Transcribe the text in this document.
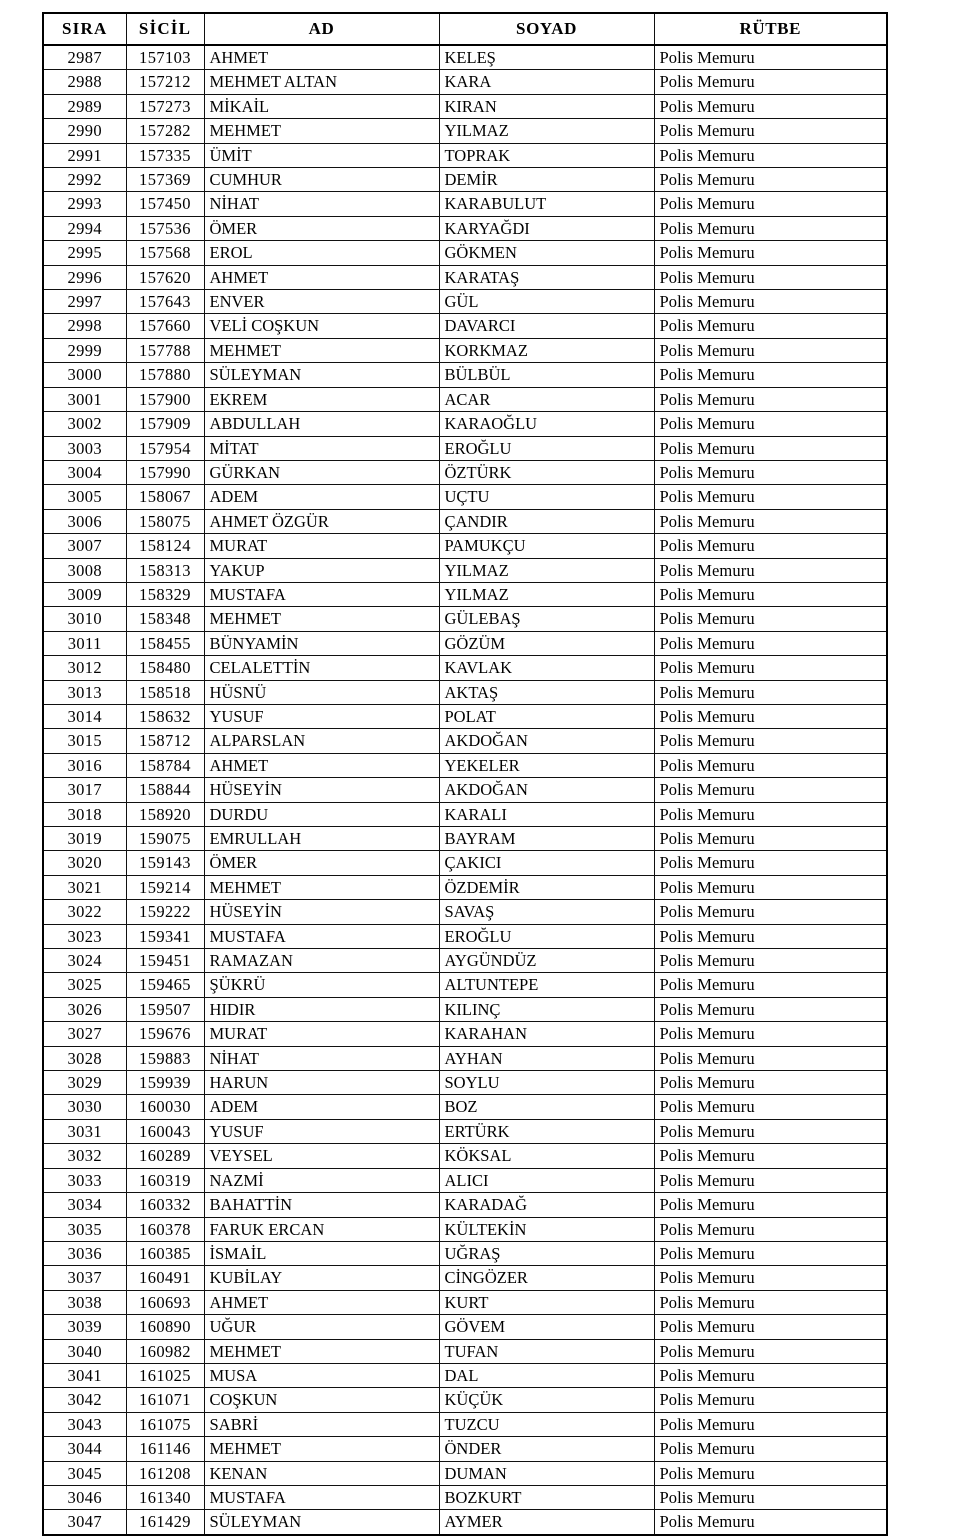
SIRA	SİCİL	AD	SOYAD	RÜTBE
2987	157103	AHMET	KELEŞ	Polis Memuru
2988	157212	MEHMET ALTAN	KARA	Polis Memuru
2989	157273	MİKAİL	KIRAN	Polis Memuru
2990	157282	MEHMET	YILMAZ	Polis Memuru
2991	157335	ÜMİT	TOPRAK	Polis Memuru
2992	157369	CUMHUR	DEMİR	Polis Memuru
2993	157450	NİHAT	KARABULUT	Polis Memuru
2994	157536	ÖMER	KARYAĞDI	Polis Memuru
2995	157568	EROL	GÖKMEN	Polis Memuru
2996	157620	AHMET	KARATAŞ	Polis Memuru
2997	157643	ENVER	GÜL	Polis Memuru
2998	157660	VELİ COŞKUN	DAVARCI	Polis Memuru
2999	157788	MEHMET	KORKMAZ	Polis Memuru
3000	157880	SÜLEYMAN	BÜLBÜL	Polis Memuru
3001	157900	EKREM	ACAR	Polis Memuru
3002	157909	ABDULLAH	KARAOĞLU	Polis Memuru
3003	157954	MİTAT	EROĞLU	Polis Memuru
3004	157990	GÜRKAN	ÖZTÜRK	Polis Memuru
3005	158067	ADEM	UÇTU	Polis Memuru
3006	158075	AHMET ÖZGÜR	ÇANDIR	Polis Memuru
3007	158124	MURAT	PAMUKÇU	Polis Memuru
3008	158313	YAKUP	YILMAZ	Polis Memuru
3009	158329	MUSTAFA	YILMAZ	Polis Memuru
3010	158348	MEHMET	GÜLEBAŞ	Polis Memuru
3011	158455	BÜNYAMİN	GÖZÜM	Polis Memuru
3012	158480	CELALETTİN	KAVLAK	Polis Memuru
3013	158518	HÜSNÜ	AKTAŞ	Polis Memuru
3014	158632	YUSUF	POLAT	Polis Memuru
3015	158712	ALPARSLAN	AKDOĞAN	Polis Memuru
3016	158784	AHMET	YEKELER	Polis Memuru
3017	158844	HÜSEYİN	AKDOĞAN	Polis Memuru
3018	158920	DURDU	KARALI	Polis Memuru
3019	159075	EMRULLAH	BAYRAM	Polis Memuru
3020	159143	ÖMER	ÇAKICI	Polis Memuru
3021	159214	MEHMET	ÖZDEMİR	Polis Memuru
3022	159222	HÜSEYİN	SAVAŞ	Polis Memuru
3023	159341	MUSTAFA	EROĞLU	Polis Memuru
3024	159451	RAMAZAN	AYGÜNDÜZ	Polis Memuru
3025	159465	ŞÜKRÜ	ALTUNTEPE	Polis Memuru
3026	159507	HIDIR	KILINÇ	Polis Memuru
3027	159676	MURAT	KARAHAN	Polis Memuru
3028	159883	NİHAT	AYHAN	Polis Memuru
3029	159939	HARUN	SOYLU	Polis Memuru
3030	160030	ADEM	BOZ	Polis Memuru
3031	160043	YUSUF	ERTÜRK	Polis Memuru
3032	160289	VEYSEL	KÖKSAL	Polis Memuru
3033	160319	NAZMİ	ALICI	Polis Memuru
3034	160332	BAHATTİN	KARADAĞ	Polis Memuru
3035	160378	FARUK ERCAN	KÜLTEKİN	Polis Memuru
3036	160385	İSMAİL	UĞRAŞ	Polis Memuru
3037	160491	KUBİLAY	CİNGÖZER	Polis Memuru
3038	160693	AHMET	KURT	Polis Memuru
3039	160890	UĞUR	GÖVEM	Polis Memuru
3040	160982	MEHMET	TUFAN	Polis Memuru
3041	161025	MUSA	DAL	Polis Memuru
3042	161071	COŞKUN	KÜÇÜK	Polis Memuru
3043	161075	SABRİ	TUZCU	Polis Memuru
3044	161146	MEHMET	ÖNDER	Polis Memuru
3045	161208	KENAN	DUMAN	Polis Memuru
3046	161340	MUSTAFA	BOZKURT	Polis Memuru
3047	161429	SÜLEYMAN	AYMER	Polis Memuru
